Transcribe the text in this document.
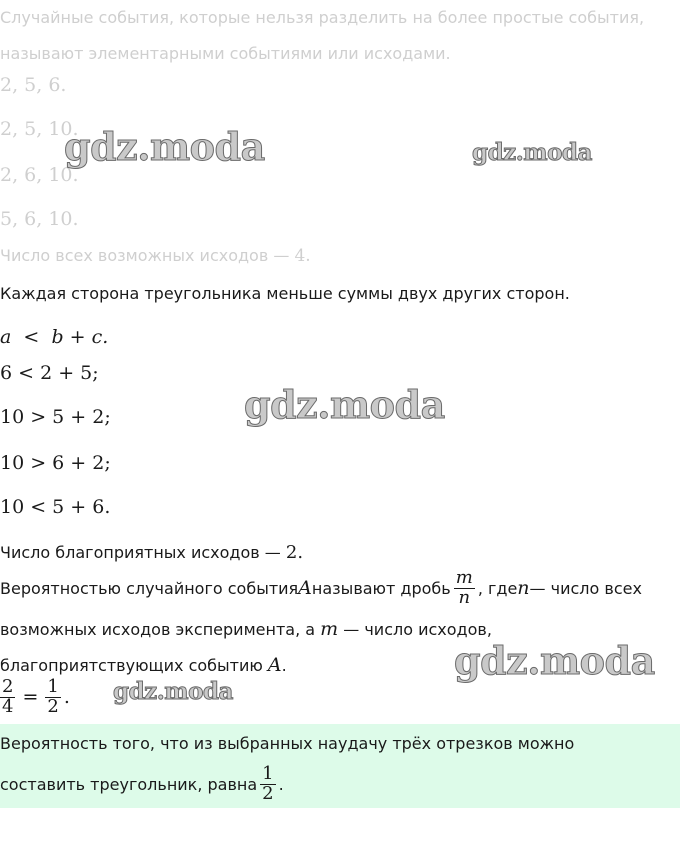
Случайные события, которые нельзя разделить на более простые события,
называют элементарными событиями или исходами.
2, 5, 6.
2, 5, 10.
2, 6, 10.
5, 6, 10.
Число всех возможных исходов — 4.
Каждая сторона треугольника меньше суммы двух других сторон.
a < b + c.
6 < 2 + 5;
10 > 5 + 2;
10 > 6 + 2;
10 < 5 + 6.
Число благоприятных исходов — 2.
Вероятностью случайного события A называют дробь $\frac{m}{n}$ , где n — число всех
возможных исходов эксперимента, а m — число исходов,
благоприятствующих событию A.
$\frac{2}{4} = \frac{1}{2}$ .
Вероятность того, что из выбранных наудачу трёх отрезков можно
составить треугольник, равна $\frac{1}{2}$ .
gdz.moda	gdz.moda
gdz.moda
gdz.moda
gdz.moda
